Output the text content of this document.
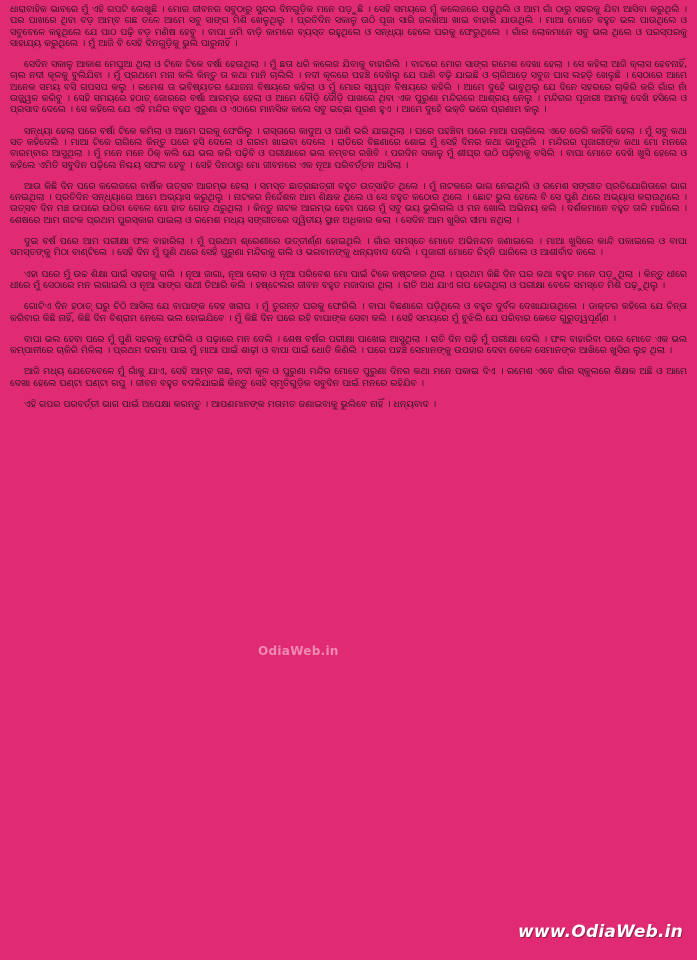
ଧାରାବାହିକ ଭାବରେ ମୁଁ ଏହି ଗପଟି ଲେଖୁଛି । ମୋର ଜୀବନର ସବୁଠାରୁ ସୁନ୍ଦର ଦିନଗୁଡ଼ିକ ମନେ ପଡ଼ୁଛି । ସେହି ସମୟରେ ମୁଁ କଲେଜରେ ପଢୁଥିଲି ଓ ଆମ ଗାଁ ଠାରୁ ସହରକୁ ଯିବା ଆସିବା କରୁଥିଲି । ଘର ପାଖରେ ଥିବା ବଡ଼ ଆମ୍ବ ଗଛ ତଳେ ଆମେ ସବୁ ସାଙ୍ଗ ମିଶି ଖେଳୁଥିଲୁ । ପ୍ରତିଦିନ ସକାଳୁ ଉଠି ପୂଜା ସାରି ଜଳଖିଆ ଖାଇ ବାହାରି ଯାଉଥିଲି । ମାଆ ମୋତେ ବହୁତ ଭଲ ପାଉଥିଲେ ଓ ସବୁବେଳେ କହୁଥିଲେ ଯେ ପାଠ ପଢ଼ି ବଡ଼ ମଣିଷ ହେବୁ । ବାପା ଜମି ବାଡ଼ି କାମରେ ବ୍ୟସ୍ତ ରହୁଥିଲେ ଓ ସନ୍ଧ୍ୟା ହେଲେ ଘରକୁ ଫେରୁଥିଲେ । ଗାଁର ଲୋକମାନେ ସବୁ ଭଲ ଥିଲେ ଓ ପରସ୍ପରକୁ ସାହାଯ୍ୟ କରୁଥିଲେ । ମୁଁ ଆଜି ବି ସେହି ଦିନଗୁଡ଼ିକୁ ଭୁଲି ପାରୁନାହିଁ ।

ସେଦିନ ସକାଳୁ ଆକାଶ ମେଘୁଆ ଥିଲା ଓ ଟିକେ ଟିକେ ବର୍ଷା ହେଉଥିଲା । ମୁଁ ଛତା ଧରି କଲେଜ ଯିବାକୁ ବାହାରିଲି । ବାଟରେ ମୋର ସାଙ୍ଗ ରମେଶ ଦେଖା ହେଲା । ସେ କହିଲା ଆଜି କ୍ଲାସ ହେବନାହିଁ, ଚାଲ ନଦୀ କୂଳକୁ ବୁଲିଯିବା । ମୁଁ ପ୍ରଥମେ ମନା କଲି କିନ୍ତୁ ତା କଥା ମାନି ଚାଲିଲି । ନଦୀ କୂଳରେ ପହଞ୍ଚି ଦେଖିଲୁ ଯେ ପାଣି ବଢ଼ି ଯାଇଛି ଓ ଚାରିଆଡ଼େ ସବୁଜ ଘାସ ଲହଡ଼ି ଖେଳୁଛି । ସେଠାରେ ଆମେ ଅନେକ ସମୟ ବସି ଗପସପ କଲୁ । ରମେଶ ତା ଭବିଷ୍ୟତର ଯୋଜନା ବିଷୟରେ କହିଲା ଓ ମୁଁ ମୋର ସ୍ୱପ୍ନ ବିଷୟରେ କହିଲି । ଆମେ ଦୁହେଁ ଭାବୁଥିଲୁ ଯେ ଦିନେ ସହରରେ ଚାକିରି କରି ଗାଁର ନାଁ ଉଜ୍ଜ୍ୱଳ କରିବୁ । ସେହି ସମୟରେ ହଠାତ୍ ଜୋରରେ ବର୍ଷା ଆରମ୍ଭ ହେଲା ଓ ଆମେ ଦୌଡ଼ି ଦୌଡ଼ି ପାଖରେ ଥିବା ଏକ ପୁରୁଣା ମନ୍ଦିରରେ ଆଶ୍ରୟ ନେଲୁ । ମନ୍ଦିରର ପୂଜାରୀ ଆମକୁ ଦେଖି ହସିଲେ ଓ ପ୍ରସାଦ ଦେଲେ । ସେ କହିଲେ ଯେ ଏହି ମନ୍ଦିର ବହୁତ ପୁରୁଣା ଓ ଏଠାରେ ମାନସିକ କଲେ ସବୁ ଇଚ୍ଛା ପୂରଣ ହୁଏ । ଆମେ ଦୁହେଁ ଭକ୍ତି ଭରେ ପ୍ରଣାମ କଲୁ ।

ସନ୍ଧ୍ୟା ହେଲା ପରେ ବର୍ଷା ଟିକେ କମିଲା ଓ ଆମେ ଘରକୁ ଫେରିଲୁ । ରାସ୍ତାରେ କାଦୁଅ ଓ ପାଣି ଭରି ଯାଇଥିଲା । ଘରେ ପହଞ୍ଚିବା ପରେ ମାଆ ପଚାରିଲେ ଏତେ ଡେରି କାହିଁକି ହେଲା । ମୁଁ ସବୁ କଥା ସତ କହିଦେଲି । ମାଆ ଟିକେ ରାଗିଲେ କିନ୍ତୁ ପରେ ହସି ଦେଲେ ଓ ଗରମ ଖାଇବା ଦେଲେ । ରାତିରେ ବିଛଣାରେ ଶୋଇ ମୁଁ ସେହି ଦିନର କଥା ଭାବୁଥିଲି । ମନ୍ଦିରର ପୂଜାରୀଙ୍କ କଥା ମୋ ମନରେ ବାରମ୍ବାର ଆସୁଥିଲା । ମୁଁ ମନେ ମନେ ଠିକ୍ କଲି ଯେ ଭଲ କରି ପଢ଼ିବି ଓ ପରୀକ୍ଷାରେ ଭଲ ନମ୍ବର ରଖିବି । ପରଦିନ ସକାଳୁ ମୁଁ ଶୀଘ୍ର ଉଠି ପଢ଼ିବାକୁ ବସିଲି । ବାପା ମୋତେ ଦେଖି ଖୁସି ହେଲେ ଓ କହିଲେ ଏମିତି ସବୁଦିନ ପଢ଼ିଲେ ନିଶ୍ଚୟ ସଫଳ ହେବୁ । ସେହି ଦିନଠାରୁ ମୋ ଜୀବନରେ ଏକ ନୂଆ ପରିବର୍ତ୍ତନ ଆସିଲା ।

ଆଉ କିଛି ଦିନ ପରେ କଲେଜରେ ବାର୍ଷିକ ଉତ୍ସବ ଆରମ୍ଭ ହେଲା । ସମସ୍ତ ଛାତ୍ରଛାତ୍ରୀ ବହୁତ ଉତ୍ସାହିତ ଥିଲେ । ମୁଁ ନାଟକରେ ଭାଗ ନେଇଥିଲି ଓ ରମେଶ ସଙ୍ଗୀତ ପ୍ରତିଯୋଗିତାରେ ଭାଗ ନେଇଥିଲା । ପ୍ରତିଦିନ ସନ୍ଧ୍ୟାରେ ଆମେ ଅଭ୍ୟାସ କରୁଥିଲୁ । ନାଟକର ନିର୍ଦ୍ଦେଶକ ଆମ ଶିକ୍ଷକ ଥିଲେ ଓ ସେ ବହୁତ କଠୋର ଥିଲେ । ଛୋଟ ଭୁଲ ହେଲେ ବି ସେ ପୁଣି ଥରେ ଅଭ୍ୟାସ କରାଉଥିଲେ । ଉତ୍ସବ ଦିନ ମଞ୍ଚ ଉପରେ ଉଠିବା ବେଳେ ମୋ ହାତ ଗୋଡ଼ ଥରୁଥିଲା । କିନ୍ତୁ ନାଟକ ଆରମ୍ଭ ହେବା ପରେ ମୁଁ ସବୁ ଭୟ ଭୁଲିଗଲି ଓ ମନ ଖୋଲି ଅଭିନୟ କଲି । ଦର୍ଶକମାନେ ବହୁତ ତାଳି ମାରିଲେ । ଶେଷରେ ଆମ ନାଟକ ପ୍ରଥମ ପୁରସ୍କାର ପାଇଲା ଓ ରମେଶ ମଧ୍ୟ ସଙ୍ଗୀତରେ ଦ୍ୱିତୀୟ ସ୍ଥାନ ଅଧିକାର କଲା । ସେଦିନ ଆମ ଖୁସିର ସୀମା ନଥିଲା ।

ଦୁଇ ବର୍ଷ ପରେ ଆମ ପରୀକ୍ଷା ଫଳ ବାହାରିଲା । ମୁଁ ପ୍ରଥମ ଶ୍ରେଣୀରେ ଉତ୍ତୀର୍ଣ୍ଣ ହୋଇଥିଲି । ଗାଁର ସମସ୍ତେ ମୋତେ ଅଭିନନ୍ଦନ ଜଣାଇଲେ । ମାଆ ଖୁସିରେ କାନ୍ଦି ପକାଇଲେ ଓ ବାପା ସମସ୍ତଙ୍କୁ ମିଠା ବାଣ୍ଟିଲେ । ସେହି ଦିନ ମୁଁ ପୁଣି ଥରେ ସେହି ପୁରୁଣା ମନ୍ଦିରକୁ ଗଲି ଓ ଭଗବାନଙ୍କୁ ଧନ୍ୟବାଦ ଦେଲି । ପୂଜାରୀ ମୋତେ ଚିହ୍ନି ପାରିଲେ ଓ ଆଶୀର୍ବାଦ କଲେ ।

ଏହା ପରେ ମୁଁ ଉଚ୍ଚ ଶିକ୍ଷା ପାଇଁ ସହରକୁ ଗଲି । ନୂଆ ଜାଗା, ନୂଆ ଲୋକ ଓ ନୂଆ ପରିବେଶ ମୋ ପାଇଁ ଟିକେ କଷ୍ଟକର ଥିଲା । ପ୍ରଥମ କିଛି ଦିନ ଘର କଥା ବହୁତ ମନେ ପଡ଼ୁଥିଲା । କିନ୍ତୁ ଧୀରେ ଧୀରେ ମୁଁ ସେଠାରେ ମନ ଲଗାଇଲି ଓ ନୂଆ ସାଙ୍ଗ ସାଥୀ ତିଆରି କଲି । ହଷ୍ଟେଲର ଜୀବନ ବହୁତ ମଜାଦାର ଥିଲା । ରାତି ଅଧ ଯାଏ ଗପ ହେଉଥିଲା ଓ ପରୀକ୍ଷା ବେଳେ ସମସ୍ତେ ମିଶି ପଢ଼ୁଥିଲୁ ।

ଗୋଟିଏ ଦିନ ହଠାତ୍ ଘରୁ ଚିଠି ଆସିଲା ଯେ ବାପାଙ୍କ ଦେହ ଖରାପ । ମୁଁ ତୁରନ୍ତ ଘରକୁ ଫେରିଲି । ବାପା ବିଛଣାରେ ପଡ଼ିଥିଲେ ଓ ବହୁତ ଦୁର୍ବଳ ଦେଖାଯାଉଥିଲେ । ଡାକ୍ତର କହିଲେ ଯେ ଚିନ୍ତା କରିବାର କିଛି ନାହିଁ, କିଛି ଦିନ ବିଶ୍ରାମ ନେଲେ ଭଲ ହୋଇଯିବେ । ମୁଁ କିଛି ଦିନ ଘରେ ରହି ବାପାଙ୍କ ସେବା କଲି । ସେହି ସମୟରେ ମୁଁ ବୁଝିଲି ଯେ ପରିବାର କେତେ ଗୁରୁତ୍ୱପୂର୍ଣ୍ଣ ।

ବାପା ଭଲ ହେବା ପରେ ମୁଁ ପୁଣି ସହରକୁ ଫେରିଲି ଓ ପଢ଼ାରେ ମନ ଦେଲି । ଶେଷ ବର୍ଷର ପରୀକ୍ଷା ପାଖେଇ ଆସୁଥିଲା । ରାତି ଦିନ ପଢ଼ି ମୁଁ ପରୀକ୍ଷା ଦେଲି । ଫଳ ବାହାରିବା ପରେ ମୋତେ ଏକ ଭଲ କମ୍ପାନୀରେ ଚାକିରି ମିଳିଲା । ପ୍ରଥମ ଦରମା ପାଇ ମୁଁ ମାଆ ପାଇଁ ଶାଢ଼ୀ ଓ ବାପା ପାଇଁ ଧୋତି କିଣିଲି । ଘରେ ପହଞ୍ଚି ସେମାନଙ୍କୁ ଉପହାର ଦେବା ବେଳେ ସେମାନଙ୍କ ଆଖିରେ ଖୁସିର ଲୁହ ଥିଲା ।

ଆଜି ମଧ୍ୟ ଯେତେବେଳେ ମୁଁ ଗାଁକୁ ଯାଏ, ସେହି ଆମ୍ବ ଗଛ, ନଦୀ କୂଳ ଓ ପୁରୁଣା ମନ୍ଦିର ମୋତେ ପୁରୁଣା ଦିନର କଥା ମନେ ପକାଇ ଦିଏ । ରମେଶ ଏବେ ଗାଁର ସ୍କୁଲରେ ଶିକ୍ଷକ ଅଛି ଓ ଆମେ ଦେଖା ହେଲେ ଘଣ୍ଟା ଘଣ୍ଟା ଗପୁ । ଜୀବନ ବହୁତ ବଦଳିଯାଇଛି କିନ୍ତୁ ସେହି ସ୍ମୃତିଗୁଡ଼ିକ ସବୁଦିନ ପାଇଁ ମନରେ ରହିଯିବ ।

ଏହି ଗପର ପରବର୍ତ୍ତୀ ଭାଗ ପାଇଁ ଅପେକ୍ଷା କରନ୍ତୁ । ଆପଣମାନଙ୍କ ମତାମତ ଜଣାଇବାକୁ ଭୁଲିବେ ନାହିଁ । ଧନ୍ୟବାଦ ।

OdiaWeb.in
www.OdiaWeb.in
